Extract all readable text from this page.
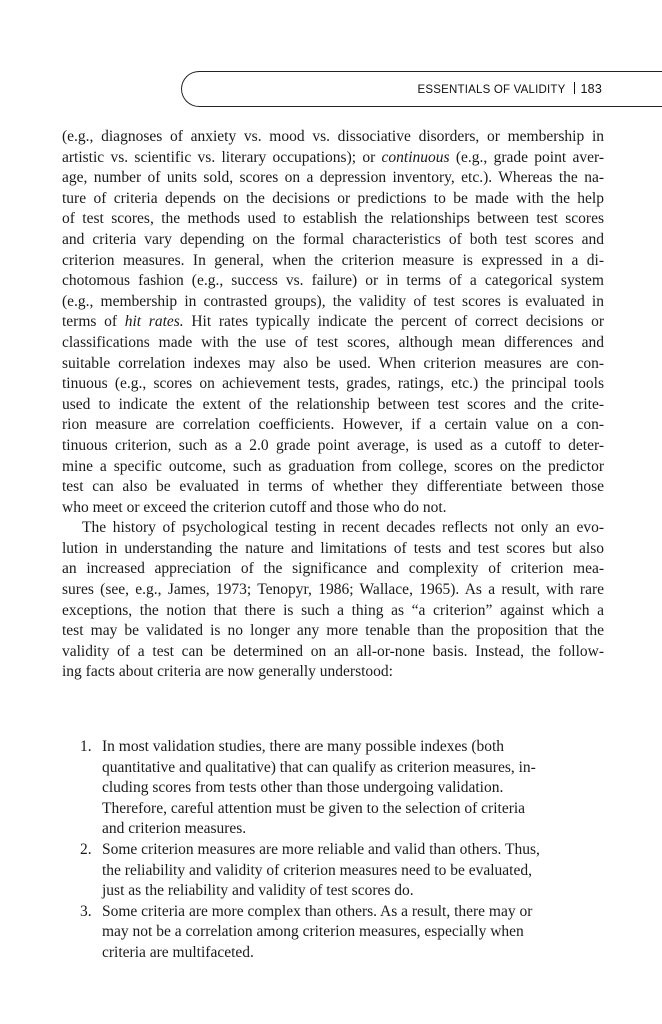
ESSENTIALS OF VALIDITY 183
(e.g., diagnoses of anxiety vs. mood vs. dissociative disorders, or membership in
artistic vs. scientific vs. literary occupations); or continuous (e.g., grade point aver-
age, number of units sold, scores on a depression inventory, etc.). Whereas the na-
ture of criteria depends on the decisions or predictions to be made with the help
of test scores, the methods used to establish the relationships between test scores
and criteria vary depending on the formal characteristics of both test scores and
criterion measures. In general, when the criterion measure is expressed in a di-
chotomous fashion (e.g., success vs. failure) or in terms of a categorical system
(e.g., membership in contrasted groups), the validity of test scores is evaluated in
terms of hit rates. Hit rates typically indicate the percent of correct decisions or
classifications made with the use of test scores, although mean differences and
suitable correlation indexes may also be used. When criterion measures are con-
tinuous (e.g., scores on achievement tests, grades, ratings, etc.) the principal tools
used to indicate the extent of the relationship between test scores and the crite-
rion measure are correlation coefficients. However, if a certain value on a con-
tinuous criterion, such as a 2.0 grade point average, is used as a cutoff to deter-
mine a specific outcome, such as graduation from college, scores on the predictor
test can also be evaluated in terms of whether they differentiate between those
who meet or exceed the criterion cutoff and those who do not.
The history of psychological testing in recent decades reflects not only an evo-
lution in understanding the nature and limitations of tests and test scores but also
an increased appreciation of the significance and complexity of criterion mea-
sures (see, e.g., James, 1973; Tenopyr, 1986; Wallace, 1965). As a result, with rare
exceptions, the notion that there is such a thing as “a criterion” against which a
test may be validated is no longer any more tenable than the proposition that the
validity of a test can be determined on an all-or-none basis. Instead, the follow-
ing facts about criteria are now generally understood:
1. In most validation studies, there are many possible indexes (both
quantitative and qualitative) that can qualify as criterion measures, in-
cluding scores from tests other than those undergoing validation.
Therefore, careful attention must be given to the selection of criteria
and criterion measures.
2. Some criterion measures are more reliable and valid than others. Thus,
the reliability and validity of criterion measures need to be evaluated,
just as the reliability and validity of test scores do.
3. Some criteria are more complex than others. As a result, there may or
may not be a correlation among criterion measures, especially when
criteria are multifaceted.
